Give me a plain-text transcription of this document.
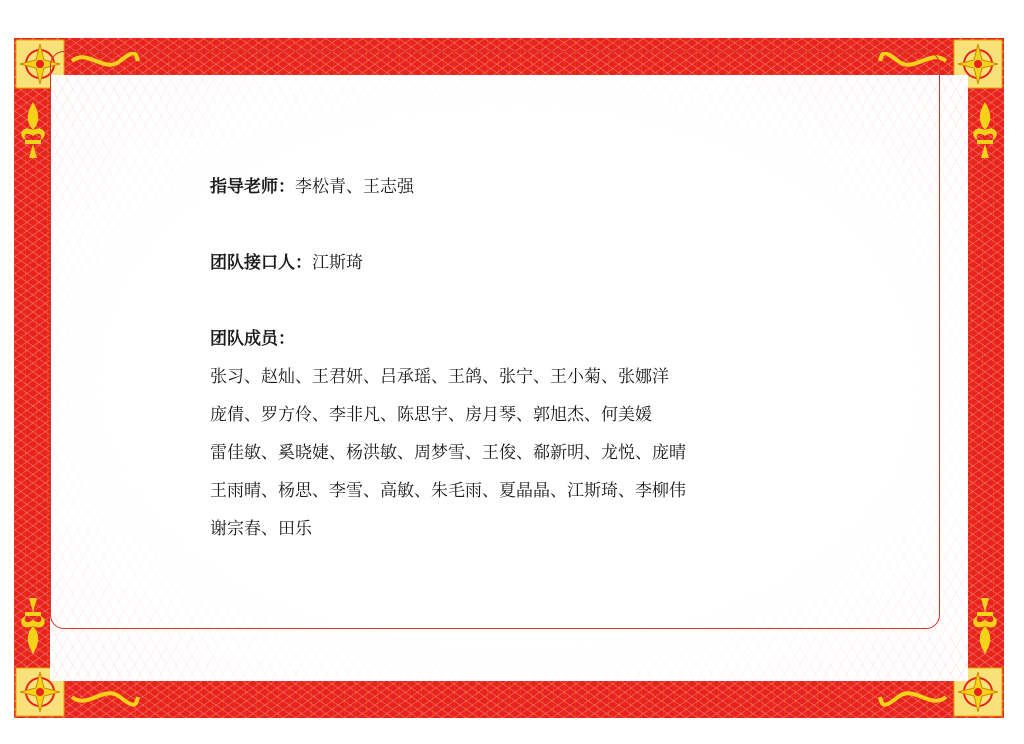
指导老师：李松青、王志强
团队接口人：江斯琦
团队成员：
张习、赵灿、王君妍、吕承瑶、王鸽、张宁、王小菊、张娜洋
庞倩、罗方伶、李非凡、陈思宇、房月琴、郭旭杰、何美媛
雷佳敏、奚晓婕、杨洪敏、周梦雪、王俊、郗新明、龙悦、庞晴
王雨晴、杨思、李雪、高敏、朱毛雨、夏晶晶、江斯琦、李柳伟
谢宗春、田乐
